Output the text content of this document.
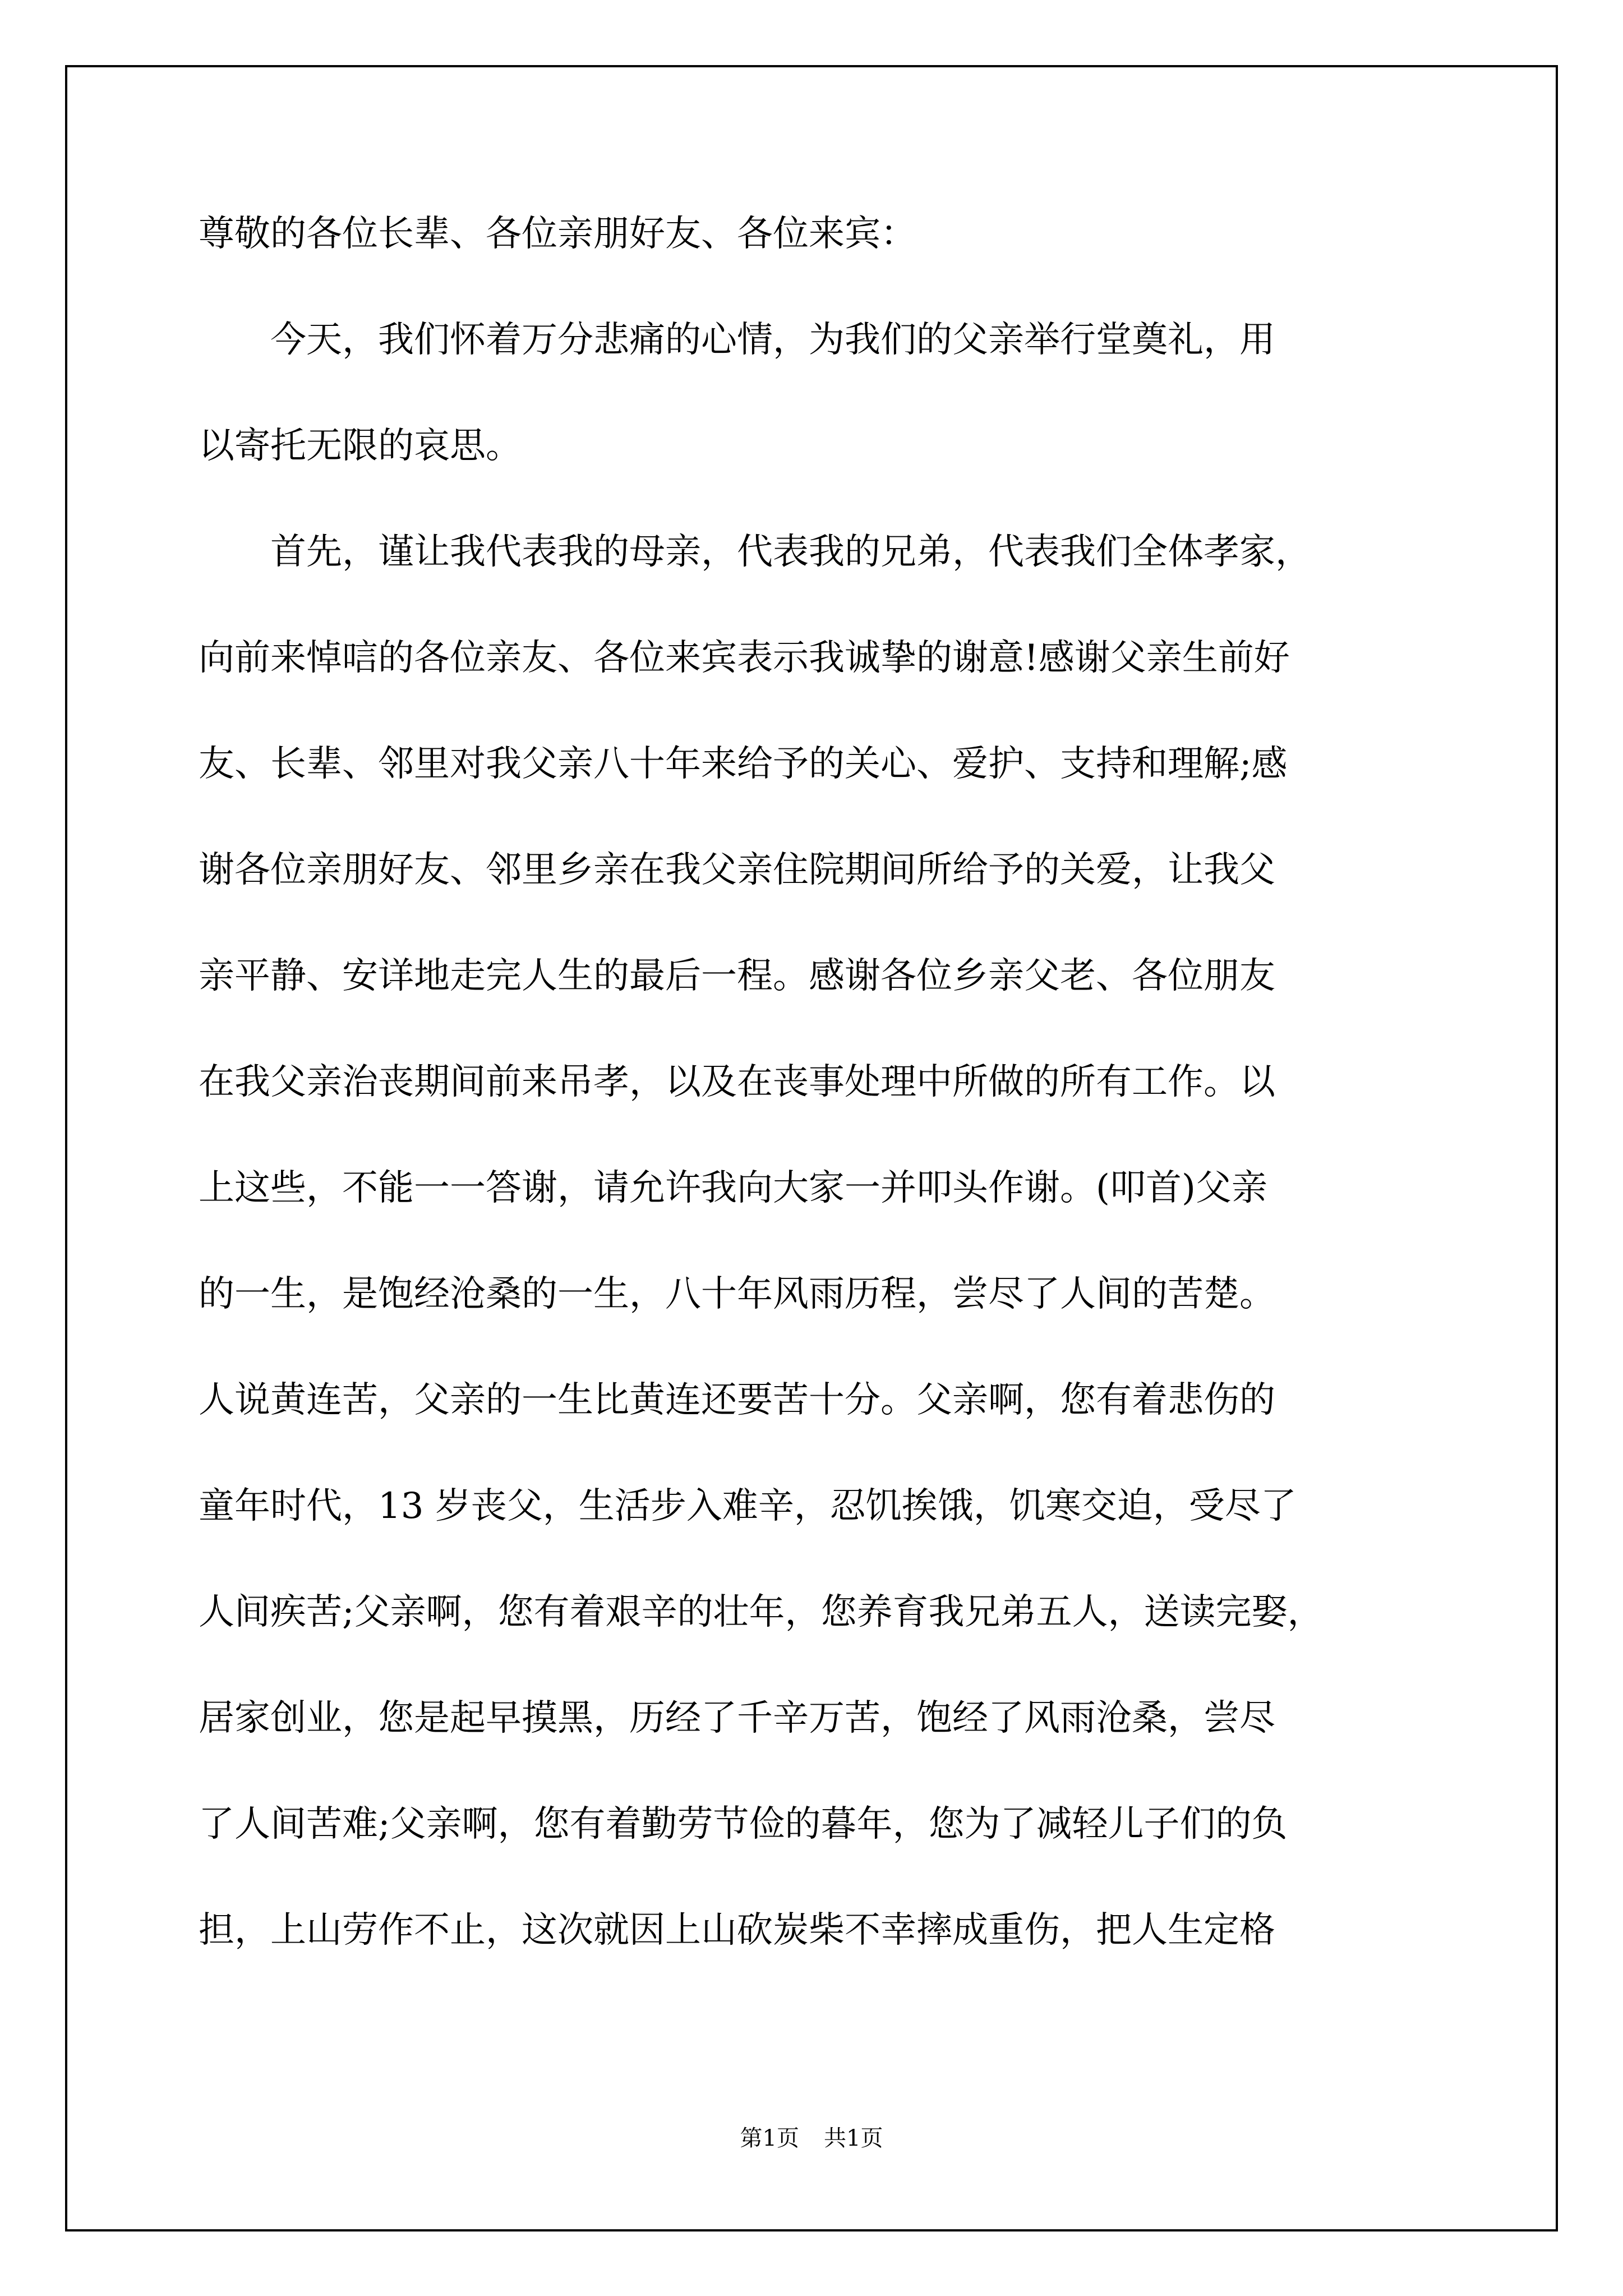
尊敬的各位长辈、各位亲朋好友、各位来宾：
　　今天，我们怀着万分悲痛的心情，为我们的父亲举行堂奠礼，用
以寄托无限的哀思。
　　首先，谨让我代表我的母亲，代表我的兄弟，代表我们全体孝家，
向前来悼唁的各位亲友、各位来宾表示我诚挚的谢意!感谢父亲生前好
友、长辈、邻里对我父亲八十年来给予的关心、爱护、支持和理解;感
谢各位亲朋好友、邻里乡亲在我父亲住院期间所给予的关爱，让我父
亲平静、安详地走完人生的最后一程。感谢各位乡亲父老、各位朋友
在我父亲治丧期间前来吊孝，以及在丧事处理中所做的所有工作。以
上这些，不能一一答谢，请允许我向大家一并叩头作谢。(叩首)父亲
的一生，是饱经沧桑的一生，八十年风雨历程，尝尽了人间的苦楚。
人说黄连苦，父亲的一生比黄连还要苦十分。父亲啊，您有着悲伤的
童年时代，13 岁丧父，生活步入难辛，忍饥挨饿，饥寒交迫，受尽了
人间疾苦;父亲啊，您有着艰辛的壮年，您养育我兄弟五人，送读完娶，
居家创业，您是起早摸黑，历经了千辛万苦，饱经了风雨沧桑，尝尽
了人间苦难;父亲啊，您有着勤劳节俭的暮年，您为了减轻儿子们的负
担，上山劳作不止，这次就因上山砍炭柴不幸摔成重伤，把人生定格
第1页 共1页
